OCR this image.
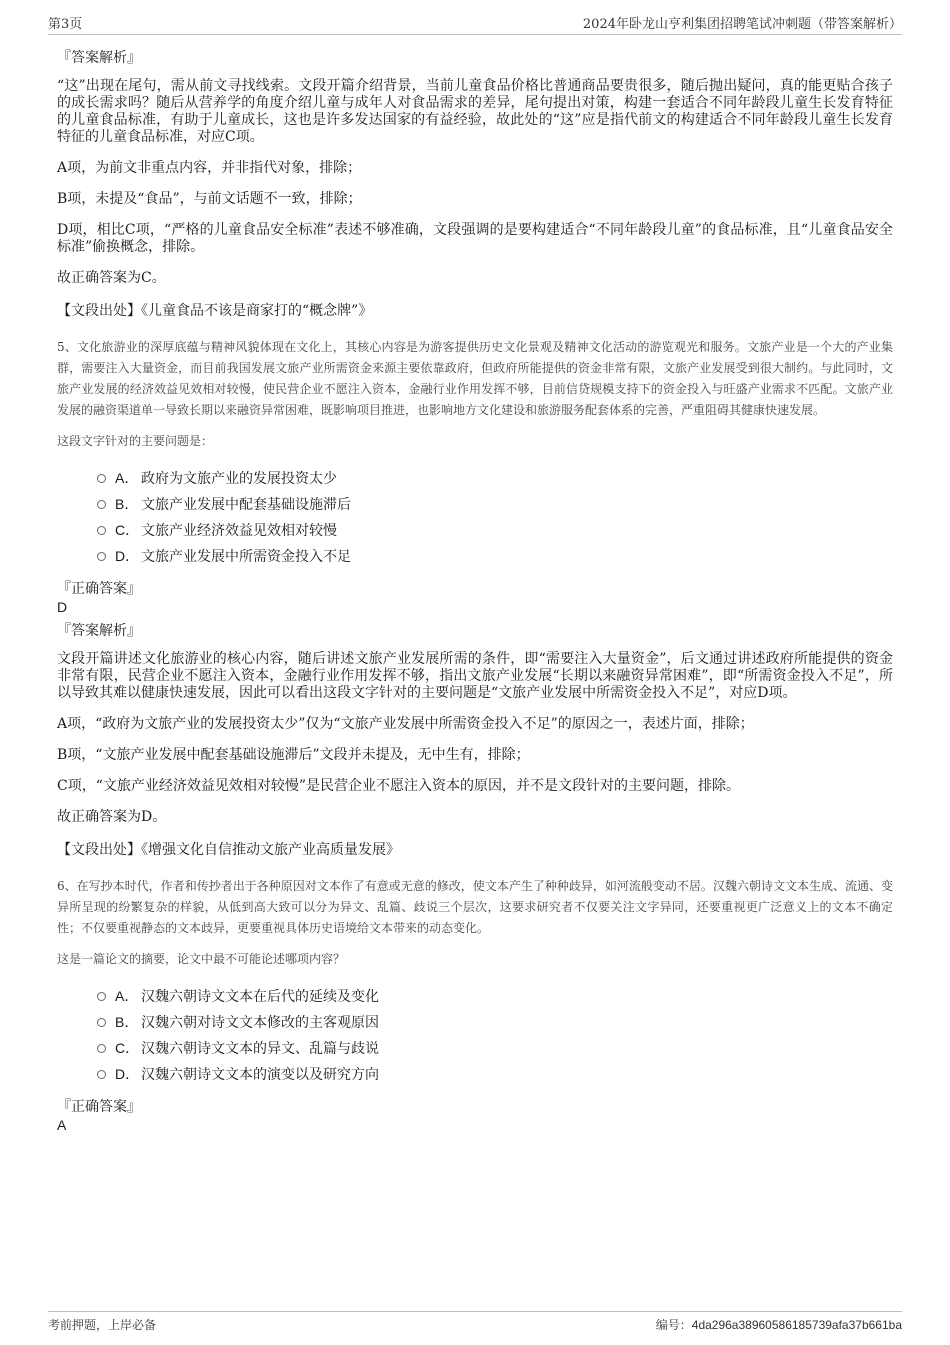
第3页	2024年卧龙山亨利集团招聘笔试冲刺题（带答案解析）
『答案解析』

“这”出现在尾句，需从前文寻找线索。文段开篇介绍背景，当前儿童食品价格比普通商品要贵很多，随后抛出疑问，真的能更贴合孩子的成长需求吗？随后从营养学的角度介绍儿童与成年人对食品需求的差异，尾句提出对策，构建一套适合不同年龄段儿童生长发育特征的儿童食品标准，有助于儿童成长，这也是许多发达国家的有益经验，故此处的“这”应是指代前文的构建适合不同年龄段儿童生长发育特征的儿童食品标准，对应C项。

A项，为前文非重点内容，并非指代对象，排除；

B项，未提及“食品”，与前文话题不一致，排除；

D项，相比C项，“严格的儿童食品安全标准”表述不够准确，文段强调的是要构建适合“不同年龄段儿童”的食品标准，且“儿童食品安全标准”偷换概念，排除。

故正确答案为C。

【文段出处】《儿童食品不该是商家打的“概念牌”》

5、文化旅游业的深厚底蕴与精神风貌体现在文化上，其核心内容是为游客提供历史文化景观及精神文化活动的游览观光和服务。文旅产业是一个大的产业集群，需要注入大量资金，而目前我国发展文旅产业所需资金来源主要依靠政府，但政府所能提供的资金非常有限，文旅产业发展受到很大制约。与此同时，文旅产业发展的经济效益见效相对较慢，使民营企业不愿注入资本，金融行业作用发挥不够，目前信贷规模支持下的资金投入与旺盛产业需求不匹配。文旅产业发展的融资渠道单一导致长期以来融资异常困难，既影响项目推进，也影响地方文化建设和旅游服务配套体系的完善，严重阻碍其健康快速发展。

这段文字针对的主要问题是：

A． 政府为文旅产业的发展投资太少
B． 文旅产业发展中配套基础设施滞后
C． 文旅产业经济效益见效相对较慢
D． 文旅产业发展中所需资金投入不足
『正确答案』
D
『答案解析』

文段开篇讲述文化旅游业的核心内容，随后讲述文旅产业发展所需的条件，即“需要注入大量资金”，后文通过讲述政府所能提供的资金非常有限，民营企业不愿注入资本，金融行业作用发挥不够，指出文旅产业发展“长期以来融资异常困难”，即“所需资金投入不足”，所以导致其难以健康快速发展，因此可以看出这段文字针对的主要问题是“文旅产业发展中所需资金投入不足”，对应D项。

A项，“政府为文旅产业的发展投资太少”仅为“文旅产业发展中所需资金投入不足”的原因之一，表述片面，排除；

B项，“文旅产业发展中配套基础设施滞后”文段并未提及，无中生有，排除；

C项，“文旅产业经济效益见效相对较慢”是民营企业不愿注入资本的原因，并不是文段针对的主要问题，排除。

故正确答案为D。

【文段出处】《增强文化自信推动文旅产业高质量发展》

6、在写抄本时代，作者和传抄者出于各种原因对文本作了有意或无意的修改，使文本产生了种种歧异，如河流般变动不居。汉魏六朝诗文文本生成、流通、变异所呈现的纷繁复杂的样貌，从低到高大致可以分为异文、乱篇、歧说三个层次，这要求研究者不仅要关注文字异同，还要重视更广泛意义上的文本不确定性；不仅要重视静态的文本歧异，更要重视具体历史语境给文本带来的动态变化。

这是一篇论文的摘要，论文中最不可能论述哪项内容？

A． 汉魏六朝诗文文本在后代的延续及变化
B． 汉魏六朝对诗文文本修改的主客观原因
C． 汉魏六朝诗文文本的异文、乱篇与歧说
D． 汉魏六朝诗文文本的演变以及研究方向
『正确答案』
A
考前押题，上岸必备	编号：4da296a38960586185739afa37b661ba
